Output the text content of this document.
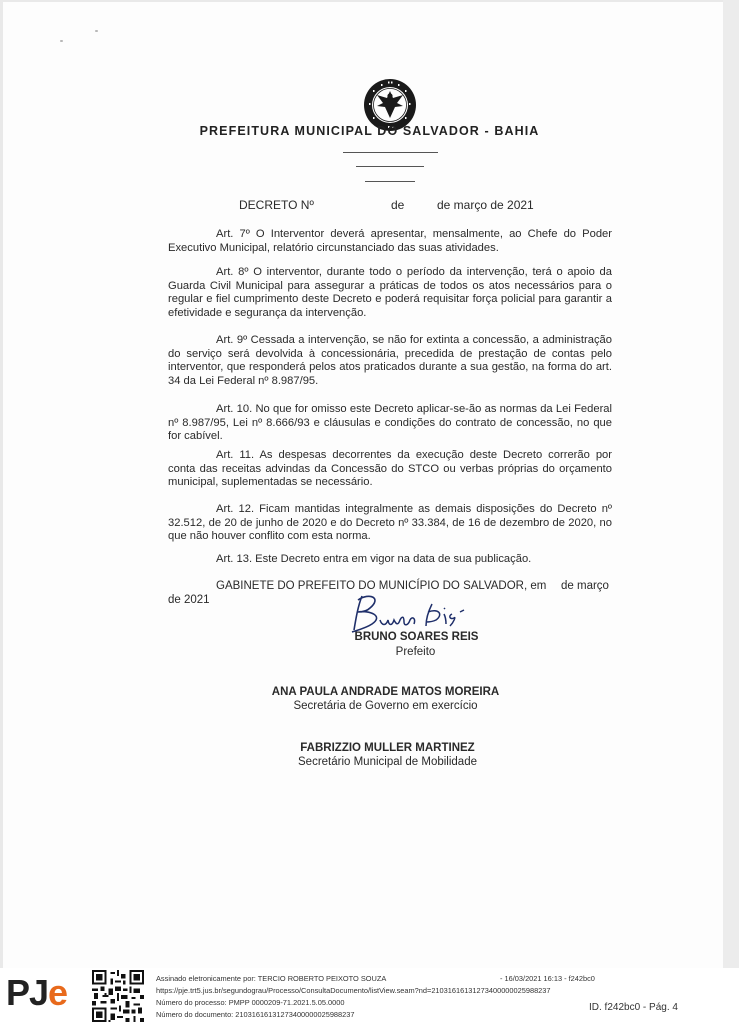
PREFEITURA MUNICIPAL DO SALVADOR - BAHIA
DECRETO Nº	de	de março de 2021
Art. 7º O Interventor deverá apresentar, mensalmente, ao Chefe do Poder Executivo Municipal, relatório circunstanciado das suas atividades.
Art. 8º O interventor, durante todo o período da intervenção, terá o apoio da Guarda Civil Municipal para assegurar a práticas de todos os atos necessários para o regular e fiel cumprimento deste Decreto e poderá requisitar força policial para garantir a efetividade e segurança da intervenção.
Art. 9º Cessada a intervenção, se não for extinta a concessão, a administração do serviço será devolvida à concessionária, precedida de prestação de contas pelo interventor, que responderá pelos atos praticados durante a sua gestão, na forma do art. 34 da Lei Federal nº 8.987/95.
Art. 10. No que for omisso este Decreto aplicar-se-ão as normas da Lei Federal nº 8.987/95, Lei nº 8.666/93 e cláusulas e condições do contrato de concessão, no que for cabível.
Art. 11. As despesas decorrentes da execução deste Decreto correrão por conta das receitas advindas da Concessão do STCO ou verbas próprias do orçamento municipal, suplementadas se necessário.
Art. 12. Ficam mantidas integralmente as demais disposições do Decreto nº 32.512, de 20 de junho de 2020 e do Decreto nº 33.384, de 16 de dezembro de 2020, no que não houver conflito com esta norma.
Art. 13. Este Decreto entra em vigor na data de sua publicação.
GABINETE DO PREFEITO DO MUNICÍPIO DO SALVADOR, em de março
de 2021
BRUNO SOARES REIS
Prefeito
ANA PAULA ANDRADE MATOS MOREIRA
Secretária de Governo em exercício
FABRIZZIO MULLER MARTINEZ
Secretário Municipal de Mobilidade
PJe	Assinado eletronicamente por: TERCIO ROBERTO PEIXOTO SOUZA	- 16/03/2021 16:13 - f242bc0
https://pje.trt5.jus.br/segundograu/Processo/ConsultaDocumento/listView.seam?nd=21031616131273400000025988237
Número do processo: PMPP 0000209-71.2021.5.05.0000
Número do documento: 21031616131273400000025988237
ID. f242bc0 - Pág. 4
